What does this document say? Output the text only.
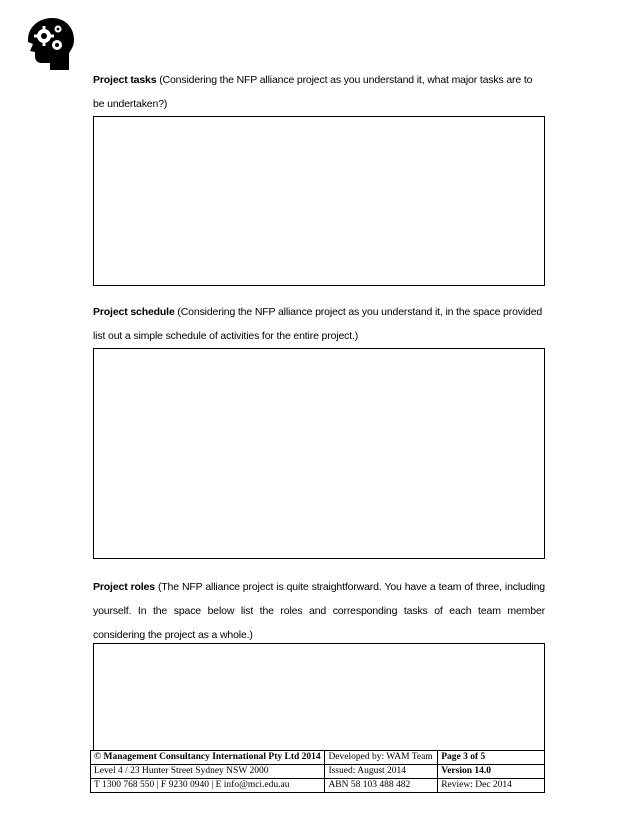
Project tasks (Considering the NFP alliance project as you understand it, what major tasks are to be undertaken?)
Project schedule (Considering the NFP alliance project as you understand it, in the space provided list out a simple schedule of activities for the entire project.)
Project roles (The NFP alliance project is quite straightforward. You have a team of three, including yourself. In the space below list the roles and corresponding tasks of each team member considering the project as a whole.)
© Management Consultancy International Pty Ltd 2014	Developed by: WAM Team	Page 3 of 5
Level 4 / 23 Hunter Street Sydney NSW 2000	Issued: August 2014	Version 14.0
T 1300 768 550 | F 9230 0940 | E info@mci.edu.au	ABN 58 103 488 482	Review: Dec 2014
